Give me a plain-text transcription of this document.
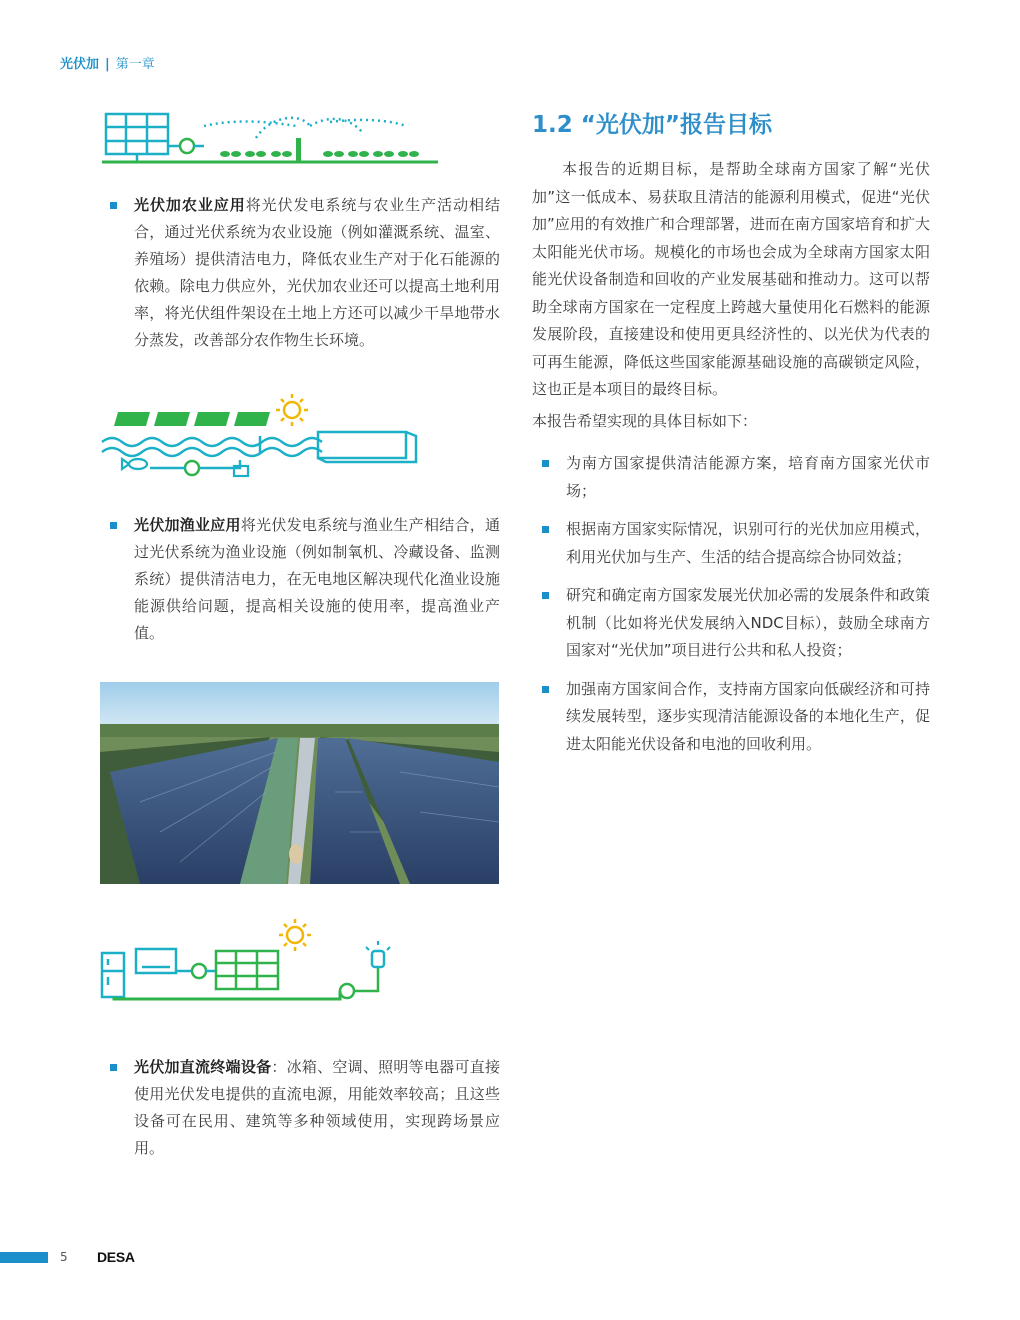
光伏加 | 第一章
光伏加农业应用将光伏发电系统与农业生产活动相结合，通过光伏系统为农业设施（例如灌溉系统、温室、养殖场）提供清洁电力，降低农业生产对于化石能源的依赖。除电力供应外，光伏加农业还可以提高土地利用率，将光伏组件架设在土地上方还可以减少干旱地带水分蒸发，改善部分农作物生长环境。
光伏加渔业应用将光伏发电系统与渔业生产相结合，通过光伏系统为渔业设施（例如制氧机、冷藏设备、监测系统）提供清洁电力，在无电地区解决现代化渔业设施能源供给问题，提高相关设施的使用率，提高渔业产值。
光伏加直流终端设备：冰箱、空调、照明等电器可直接使用光伏发电提供的直流电源，用能效率较高；且这些设备可在民用、建筑等多种领域使用，实现跨场景应用。
1.2 “光伏加”报告目标
本报告的近期目标，是帮助全球南方国家了解“光伏加”这一低成本、易获取且清洁的能源利用模式，促进“光伏加”应用的有效推广和合理部署，进而在南方国家培育和扩大太阳能光伏市场。规模化的市场也会成为全球南方国家太阳能光伏设备制造和回收的产业发展基础和推动力。这可以帮助全球南方国家在一定程度上跨越大量使用化石燃料的能源发展阶段，直接建设和使用更具经济性的、以光伏为代表的可再生能源，降低这些国家能源基础设施的高碳锁定风险，这也正是本项目的最终目标。
本报告希望实现的具体目标如下：
为南方国家提供清洁能源方案，培育南方国家光伏市场；
根据南方国家实际情况，识别可行的光伏加应用模式，利用光伏加与生产、生活的结合提高综合协同效益；
研究和确定南方国家发展光伏加必需的发展条件和政策机制（比如将光伏发展纳入NDC目标），鼓励全球南方国家对“光伏加”项目进行公共和私人投资；
加强南方国家间合作，支持南方国家向低碳经济和可持续发展转型，逐步实现清洁能源设备的本地化生产，促进太阳能光伏设备和电池的回收利用。
5 DESA
